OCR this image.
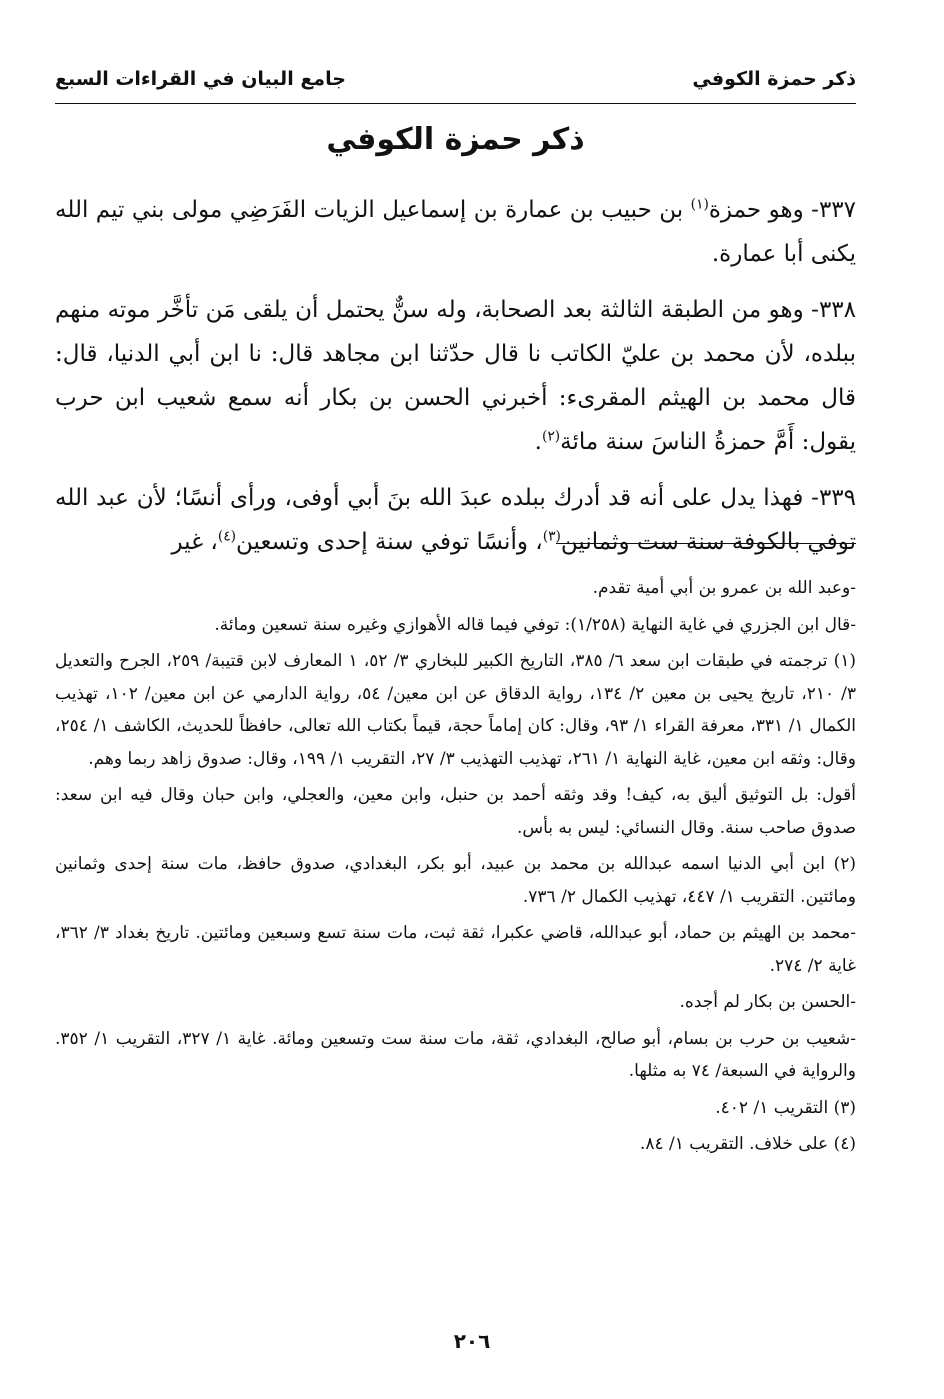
ذكر حمزة الكوفي
جامع البيان في القراءات السبع
ذكر حمزة الكوفي

٣٣٧- وهو حمزة$^{(١)}$ بن حبيب بن عمارة بن إسماعيل الزيات الفَرَضِي مولى بني تيم الله يكنى أبا عمارة.

٣٣٨- وهو من الطبقة الثالثة بعد الصحابة، وله سنٌّ يحتمل أن يلقى مَن تأخَّر موته منهم ببلده، لأن محمد بن عليّ الكاتب نا قال حدّثنا ابن مجاهد قال: نا ابن أبي الدنيا، قال: قال محمد بن الهيثم المقرىء: أخبرني الحسن بن بكار أنه سمع شعيب ابن حرب يقول: أَمَّ حمزةُ الناسَ سنة مائة$^{(٢)}$.

٣٣٩- فهذا يدل على أنه قد أدرك ببلده عبدَ الله بنَ أبي أوفى، ورأى أنسًا؛ لأن عبد الله توفي بالكوفة سنة ست وثمانين$^{(٣)}$، وأنسًا توفي سنة إحدى وتسعين$^{(٤)}$، غير

-وعبد الله بن عمرو بن أبي أمية تقدم.

-قال ابن الجزري في غاية النهاية (١/٢٥٨): توفي فيما قاله الأهوازي وغيره سنة تسعين ومائة.

(١) ترجمته في طبقات ابن سعد ٦/ ٣٨٥، التاريخ الكبير للبخاري ٣/ ٥٢، ١ المعارف لابن قتيبة/ ٢٥٩، الجرح والتعديل ٣/ ٢١٠، تاريخ يحيى بن معين ٢/ ١٣٤، رواية الدقاق عن ابن معين/ ٥٤، رواية الدارمي عن ابن معين/ ١٠٢، تهذيب الكمال ١/ ٣٣١، معرفة القراء ١/ ٩٣، وقال: كان إماماً حجة، قيماً بكتاب الله تعالى، حافظاً للحديث، الكاشف ١/ ٢٥٤، وقال: وثقه ابن معين، غاية النهاية ١/ ٢٦١، تهذيب التهذيب ٣/ ٢٧، التقريب ١/ ١٩٩، وقال: صدوق زاهد ربما وهم.

أقول: بل التوثيق أليق به، كيف! وقد وثقه أحمد بن حنبل، وابن معين، والعجلي، وابن حبان وقال فيه ابن سعد: صدوق صاحب سنة. وقال النسائي: ليس به بأس.

(٢) ابن أبي الدنيا اسمه عبدالله بن محمد بن عبيد، أبو بكر، البغدادي، صدوق حافظ، مات سنة إحدى وثمانين ومائتين. التقريب ١/ ٤٤٧، تهذيب الكمال ٢/ ٧٣٦.

-محمد بن الهيثم بن حماد، أبو عبدالله، قاضي عكبرا، ثقة ثبت، مات سنة تسع وسبعين ومائتين. تاريخ بغداد ٣/ ٣٦٢، غاية ٢/ ٢٧٤.

-الحسن بن بكار لم أجده.

-شعيب بن حرب بن بسام، أبو صالح، البغدادي، ثقة، مات سنة ست وتسعين ومائة. غاية ١/ ٣٢٧، التقريب ١/ ٣٥٢. والرواية في السبعة/ ٧٤ به مثلها.

(٣) التقريب ١/ ٤٠٢.

(٤) على خلاف. التقريب ١/ ٨٤.

٢٠٦
